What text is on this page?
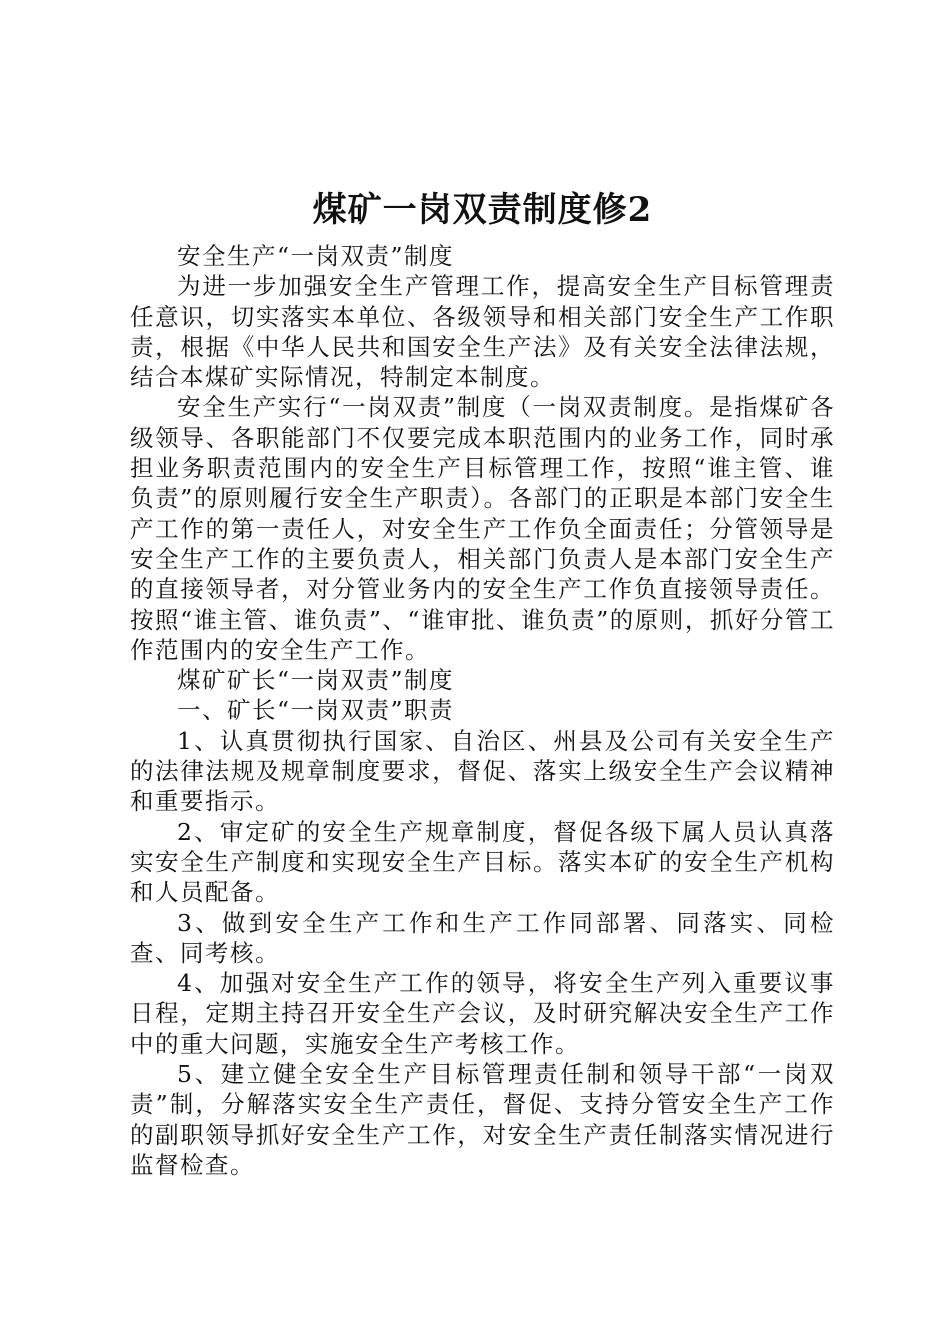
煤矿一岗双责制度修2

安全生产“一岗双责”制度

为进一步加强安全生产管理工作，提高安全生产目标管理责任意识，切实落实本单位、各级领导和相关部门安全生产工作职责，根据《中华人民共和国安全生产法》及有关安全法律法规，结合本煤矿实际情况，特制定本制度。

安全生产实行“一岗双责”制度（一岗双责制度。是指煤矿各级领导、各职能部门不仅要完成本职范围内的业务工作，同时承担业务职责范围内的安全生产目标管理工作，按照“谁主管、谁负责”的原则履行安全生产职责）。各部门的正职是本部门安全生产工作的第一责任人，对安全生产工作负全面责任；分管领导是安全生产工作的主要负责人，相关部门负责人是本部门安全生产的直接领导者，对分管业务内的安全生产工作负直接领导责任。按照“谁主管、谁负责”、“谁审批、谁负责”的原则，抓好分管工作范围内的安全生产工作。

煤矿矿长“一岗双责”制度

一、矿长“一岗双责”职责

1、认真贯彻执行国家、自治区、州县及公司有关安全生产的法律法规及规章制度要求，督促、落实上级安全生产会议精神和重要指示。

2、审定矿的安全生产规章制度，督促各级下属人员认真落实安全生产制度和实现安全生产目标。落实本矿的安全生产机构和人员配备。

3、做到安全生产工作和生产工作同部署、同落实、同检查、同考核。

4、加强对安全生产工作的领导，将安全生产列入重要议事日程，定期主持召开安全生产会议，及时研究解决安全生产工作中的重大问题，实施安全生产考核工作。

5、建立健全安全生产目标管理责任制和领导干部“一岗双责”制，分解落实安全生产责任，督促、支持分管安全生产工作的副职领导抓好安全生产工作，对安全生产责任制落实情况进行监督检查。
